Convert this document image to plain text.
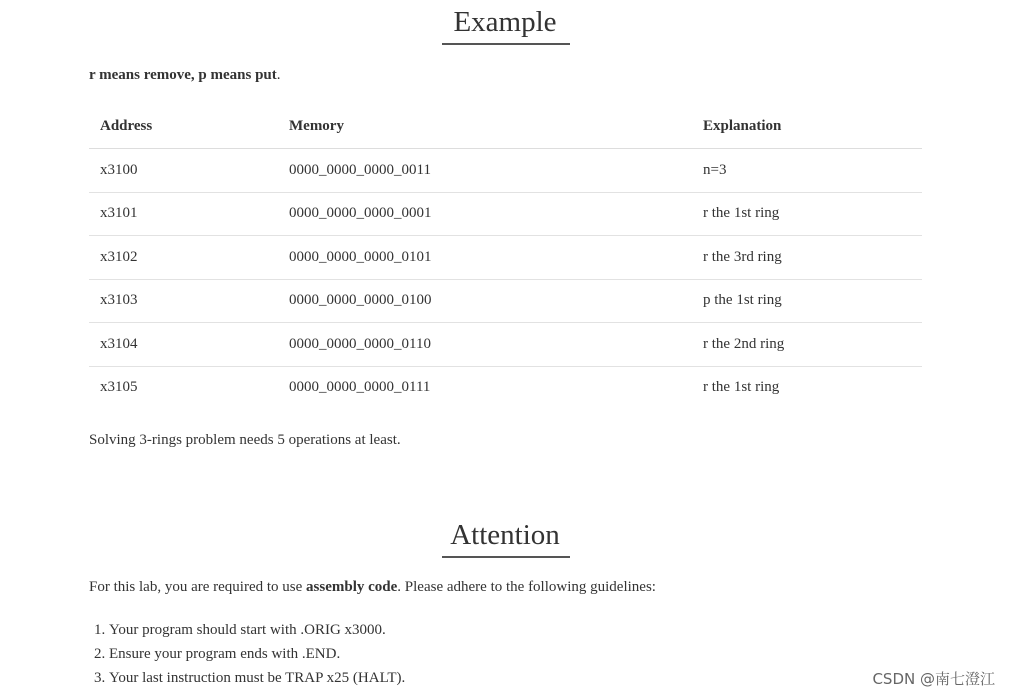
Example
r means remove, p means put.
Address	Memory	Explanation
x3100	0000_0000_0000_0011	n=3
x3101	0000_0000_0000_0001	r the 1st ring
x3102	0000_0000_0000_0101	r the 3rd ring
x3103	0000_0000_0000_0100	p the 1st ring
x3104	0000_0000_0000_0110	r the 2nd ring
x3105	0000_0000_0000_0111	r the 1st ring
Solving 3-rings problem needs 5 operations at least.
Attention
For this lab, you are required to use assembly code. Please adhere to the following guidelines:
1. Your program should start with .ORIG x3000.
2. Ensure your program ends with .END.
3. Your last instruction must be TRAP x25 (HALT).	CSDN @南七澄江
